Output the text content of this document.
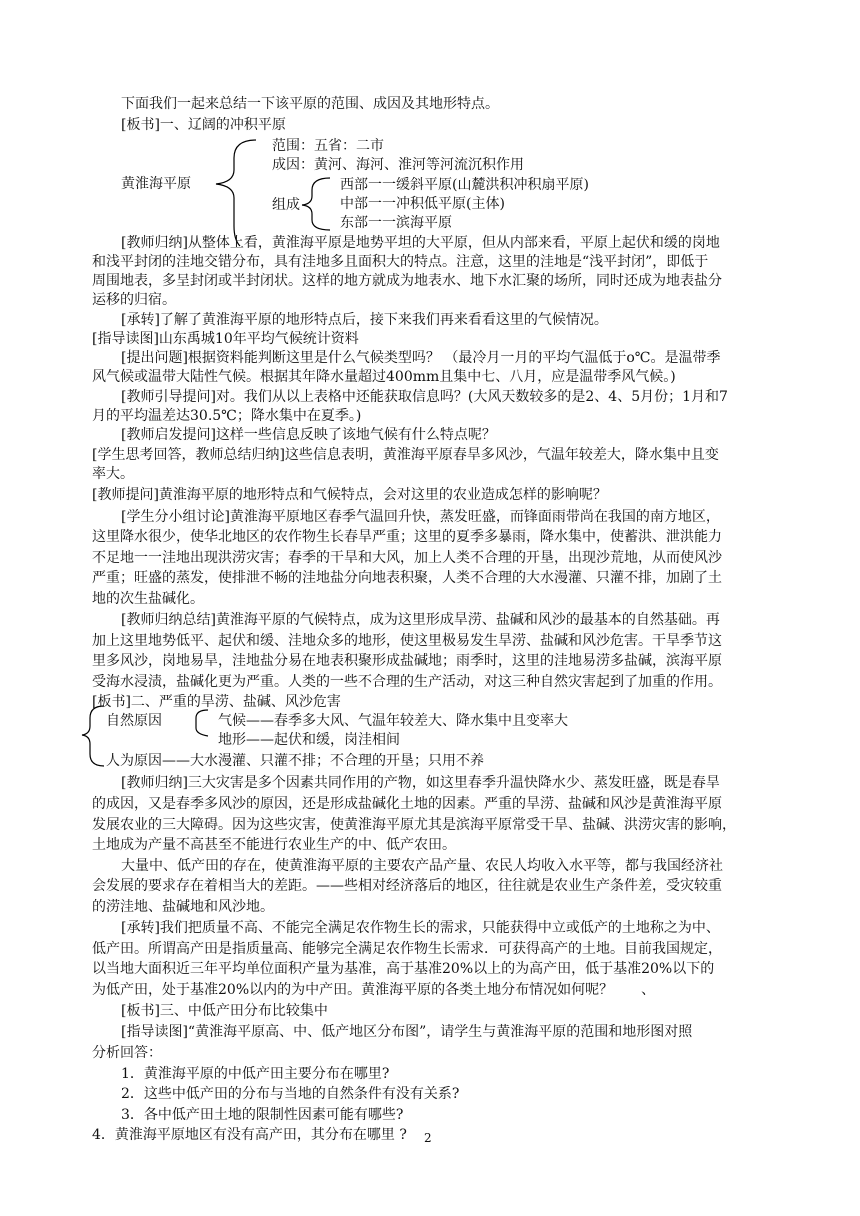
下面我们一起来总结一下该平原的范围、成因及其地形特点。
[板书]一、辽阔的冲积平原
范围：五省：二市
成因：黄河、海河、淮河等河流沉积作用
黄淮海平原	西部一一缓斜平原(山麓洪积冲积扇平原)
组成	中部一一冲积低平原(主体)
东部一一滨海平原
[教师归纳]从整体上看，黄淮海平原是地势平坦的大平原，但从内部来看，平原上起伏和缓的岗地
和浅平封闭的洼地交错分布，具有洼地多且面积大的特点。注意，这里的洼地是“浅平封闭”，即低于
周围地表，多呈封闭或半封闭状。这样的地方就成为地表水、地下水汇聚的场所，同时还成为地表盐分
运移的归宿。
[承转]了解了黄淮海平原的地形特点后，接下来我们再来看看这里的气候情况。
[指导读图]山东禹城10年平均气候统计资料
[提出问题]根据资料能判断这里是什么气候类型吗？ （最冷月一月的平均气温低于o℃。是温带季
风气候或温带大陆性气候。根据其年降水量超过400mm且集中七、八月，应是温带季风气候。)
[教师引导提问]对。我们从以上表格中还能获取信息吗？(大风天数较多的是2、4、5月份；1月和7
月的平均温差达30.5℃；降水集中在夏季。)
[教师启发提问]这样一些信息反映了该地气候有什么特点呢？
[学生思考回答，教师总结归纳]这些信息表明，黄淮海平原春旱多风沙，气温年较差大，降水集中且变
率大。
[教师提问]黄淮海平原的地形特点和气候特点，会对这里的农业造成怎样的影响呢？
[学生分小组讨论]黄淮海平原地区春季气温回升快，蒸发旺盛，而锋面雨带尚在我国的南方地区，
这里降水很少，使华北地区的农作物生长春旱严重；这里的夏季多暴雨，降水集中，使蓄洪、泄洪能力
不足地一一洼地出现洪涝灾害；春季的干旱和大风，加上人类不合理的开垦，出现沙荒地，从而使风沙
严重；旺盛的蒸发，使排泄不畅的洼地盐分向地表积聚，人类不合理的大水漫灌、只灌不排，加剧了土
地的次生盐碱化。
[教师归纳总结]黄淮海平原的气候特点，成为这里形成旱涝、盐碱和风沙的最基本的自然基础。再
加上这里地势低平、起伏和缓、洼地众多的地形，使这里极易发生旱涝、盐碱和风沙危害。干旱季节这
里多风沙，岗地易旱，洼地盐分易在地表积聚形成盐碱地；雨季时，这里的洼地易涝多盐碱，滨海平原
受海水浸渍，盐碱化更为严重。人类的一些不合理的生产活动，对这三种自然灾害起到了加重的作用。
[板书]二、严重的旱涝、盐碱、风沙危害
自然原因	气候——春季多大风、气温年较差大、降水集中且变率大
地形——起伏和缓，岗洼相间
人为原因——大水漫灌、只灌不排；不合理的开垦；只用不养
[教师归纳]三大灾害是多个因素共同作用的产物，如这里春季升温快降水少、蒸发旺盛，既是春旱
的成因，又是春季多风沙的原因，还是形成盐碱化土地的因素。严重的旱涝、盐碱和风沙是黄淮海平原
发展农业的三大障碍。因为这些灾害，使黄淮海平原尤其是滨海平原常受干旱、盐碱、洪涝灾害的影响，
土地成为产量不高甚至不能进行农业生产的中、低产农田。
大量中、低产田的存在，使黄淮海平原的主要农产品产量、农民人均收入水平等，都与我国经济社
会发展的要求存在着相当大的差距。——些相对经济落后的地区，往往就是农业生产条件差，受灾较重
的涝洼地、盐碱地和风沙地。
[承转]我们把质量不高、不能完全满足农作物生长的需求，只能获得中立或低产的土地称之为中、
低产田。所谓高产田是指质量高、能够完全满足农作物生长需求．可获得高产的土地。目前我国规定，
以当地大面积近三年平均单位面积产量为基准，高于基准20%以上的为高产田，低于基准20%以下的
为低产田，处于基准20%以内的为中产田。黄淮海平原的各类土地分布情况如何呢？　　、
[板书]三、中低产田分布比较集中
[指导读图]“黄淮海平原高、中、低产地区分布图”，请学生与黄淮海平原的范围和地形图对照
分析回答：
1．黄淮海平原的中低产田主要分布在哪里?
2．这些中低产田的分布与当地的自然条件有没有关系?
3．各中低产田土地的限制性因素可能有哪些?
4．黄淮海平原地区有没有高产田，其分布在哪里 ? 2
